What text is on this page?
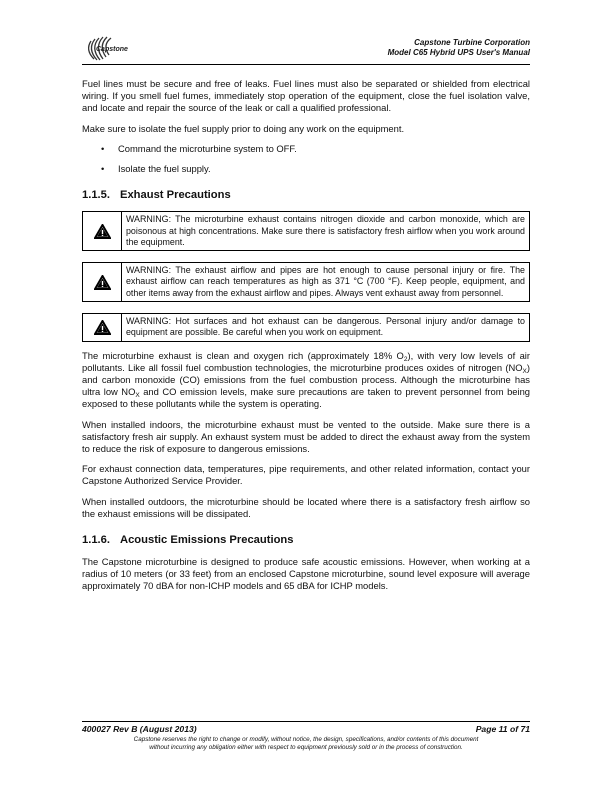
Capstone
Capstone Turbine Corporation
Model C65 Hybrid UPS User's Manual

Fuel lines must be secure and free of leaks. Fuel lines must also be separated or shielded from electrical wiring. If you smell fuel fumes, immediately stop operation of the equipment, close the fuel isolation valve, and locate and repair the source of the leak or call a qualified professional.

Make sure to isolate the fuel supply prior to doing any work on the equipment.

• Command the microturbine system to OFF.
• Isolate the fuel supply.
1.1.5. Exhaust Precautions
WARNING: The microturbine exhaust contains nitrogen dioxide and carbon monoxide, which are poisonous at high concentrations. Make sure there is satisfactory fresh airflow when you work around the equipment.
WARNING: The exhaust airflow and pipes are hot enough to cause personal injury or fire. The exhaust airflow can reach temperatures as high as 371 °C (700 °F). Keep people, equipment, and other items away from the exhaust airflow and pipes. Always vent exhaust away from personnel.
WARNING: Hot surfaces and hot exhaust can be dangerous. Personal injury and/or damage to equipment are possible. Be careful when you work on equipment.

The microturbine exhaust is clean and oxygen rich (approximately 18% $O_2$), with very low levels of air pollutants. Like all fossil fuel combustion technologies, the microturbine produces oxides of nitrogen $(NO_X)$ and carbon monoxide (CO) emissions from the fuel combustion process. Although the microturbine has ultra low $NO_X$ and CO emission levels, make sure precautions are taken to prevent personnel from being exposed to these pollutants while the system is operating.

When installed indoors, the microturbine exhaust must be vented to the outside. Make sure there is a satisfactory fresh air supply. An exhaust system must be added to direct the exhaust away from the system to reduce the risk of exposure to dangerous emissions.

For exhaust connection data, temperatures, pipe requirements, and other related information, contact your Capstone Authorized Service Provider.

When installed outdoors, the microturbine should be located where there is a satisfactory fresh airflow so the exhaust emissions will be dissipated.

1.1.6. Acoustic Emissions Precautions

The Capstone microturbine is designed to produce safe acoustic emissions. However, when working at a radius of 10 meters (or 33 feet) from an enclosed Capstone microturbine, sound level exposure will average approximately 70 dBA for non-ICHP models and 65 dBA for ICHP models.

400027 Rev B (August 2013)	Page 11 of 71
Capstone reserves the right to change or modify, without notice, the design, specifications, and/or contents of this document
without incurring any obligation either with respect to equipment previously sold or in the process of construction.
